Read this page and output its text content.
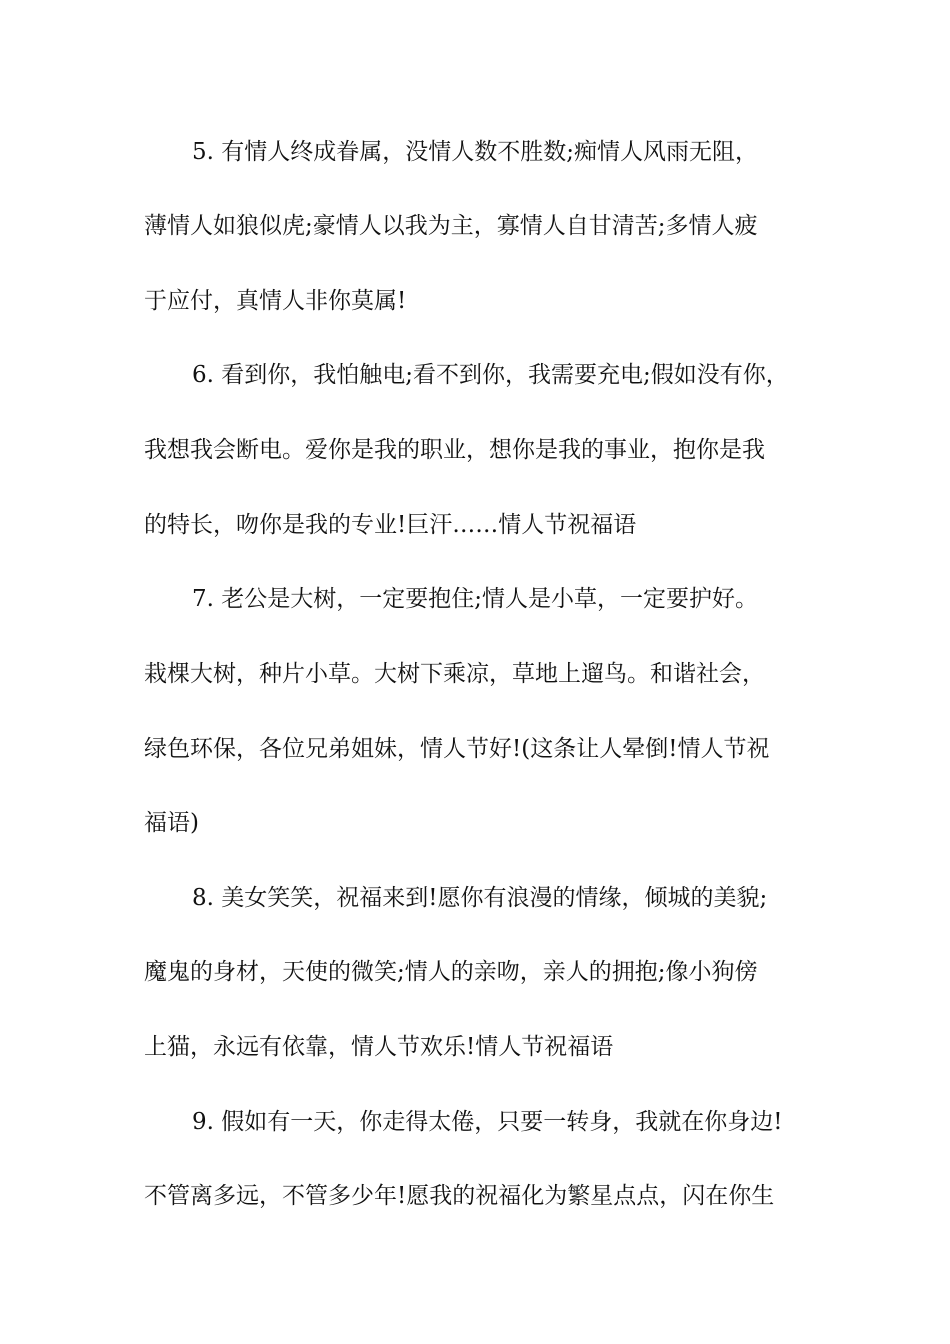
5. 有情人终成眷属，没情人数不胜数;痴情人风雨无阻，
薄情人如狼似虎;豪情人以我为主，寡情人自甘清苦;多情人疲
于应付，真情人非你莫属!
6. 看到你，我怕触电;看不到你，我需要充电;假如没有你，
我想我会断电。爱你是我的职业，想你是我的事业，抱你是我
的特长，吻你是我的专业!巨汗……情人节祝福语
7. 老公是大树，一定要抱住;情人是小草，一定要护好。
栽棵大树，种片小草。大树下乘凉，草地上遛鸟。和谐社会，
绿色环保，各位兄弟姐妹，情人节好!(这条让人晕倒!情人节祝
福语)
8. 美女笑笑，祝福来到!愿你有浪漫的情缘，倾城的美貌;
魔鬼的身材，天使的微笑;情人的亲吻，亲人的拥抱;像小狗傍
上猫，永远有依靠，情人节欢乐!情人节祝福语
9. 假如有一天，你走得太倦，只要一转身，我就在你身边!
不管离多远，不管多少年!愿我的祝福化为繁星点点，闪在你生
